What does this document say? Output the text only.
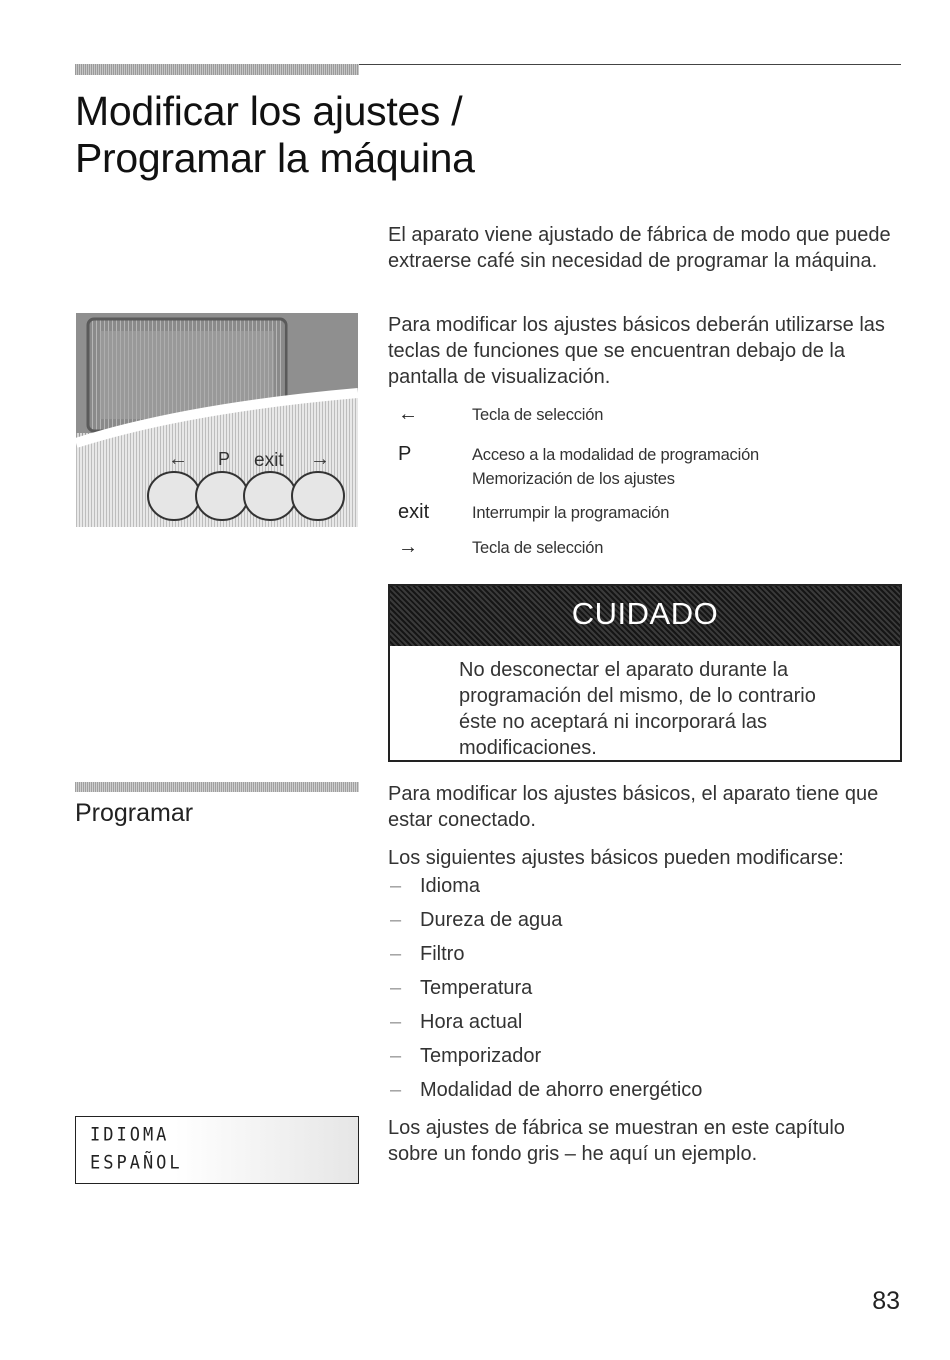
Modificar los ajustes /
Programar la máquina

El aparato viene ajustado de fábrica de modo que puede extraerse café sin necesidad de programar la máquina.

Para modificar los ajustes básicos deberán utilizarse las teclas de funciones que se encuentran debajo de la pantalla de visualización.

← P exit →
←	Tecla de selección
P	Acceso a la modalidad de programación
Memorización de los ajustes
exit	Interrumpir la programación
→	Tecla de selección
CUIDADO

No desconectar el aparato durante la programación del mismo, de lo contrario éste no aceptará ni incorporará las modificaciones.

Programar

Para modificar los ajustes básicos, el aparato tiene que estar conectado.

Los siguientes ajustes básicos pueden modificarse:

– Idioma
– Dureza de agua
– Filtro
– Temperatura
– Hora actual
– Temporizador
– Modalidad de ahorro energético

Los ajustes de fábrica se muestran en este capítulo sobre un fondo gris – he aquí un ejemplo.

IDIOMA
ESPAÑOL
83
